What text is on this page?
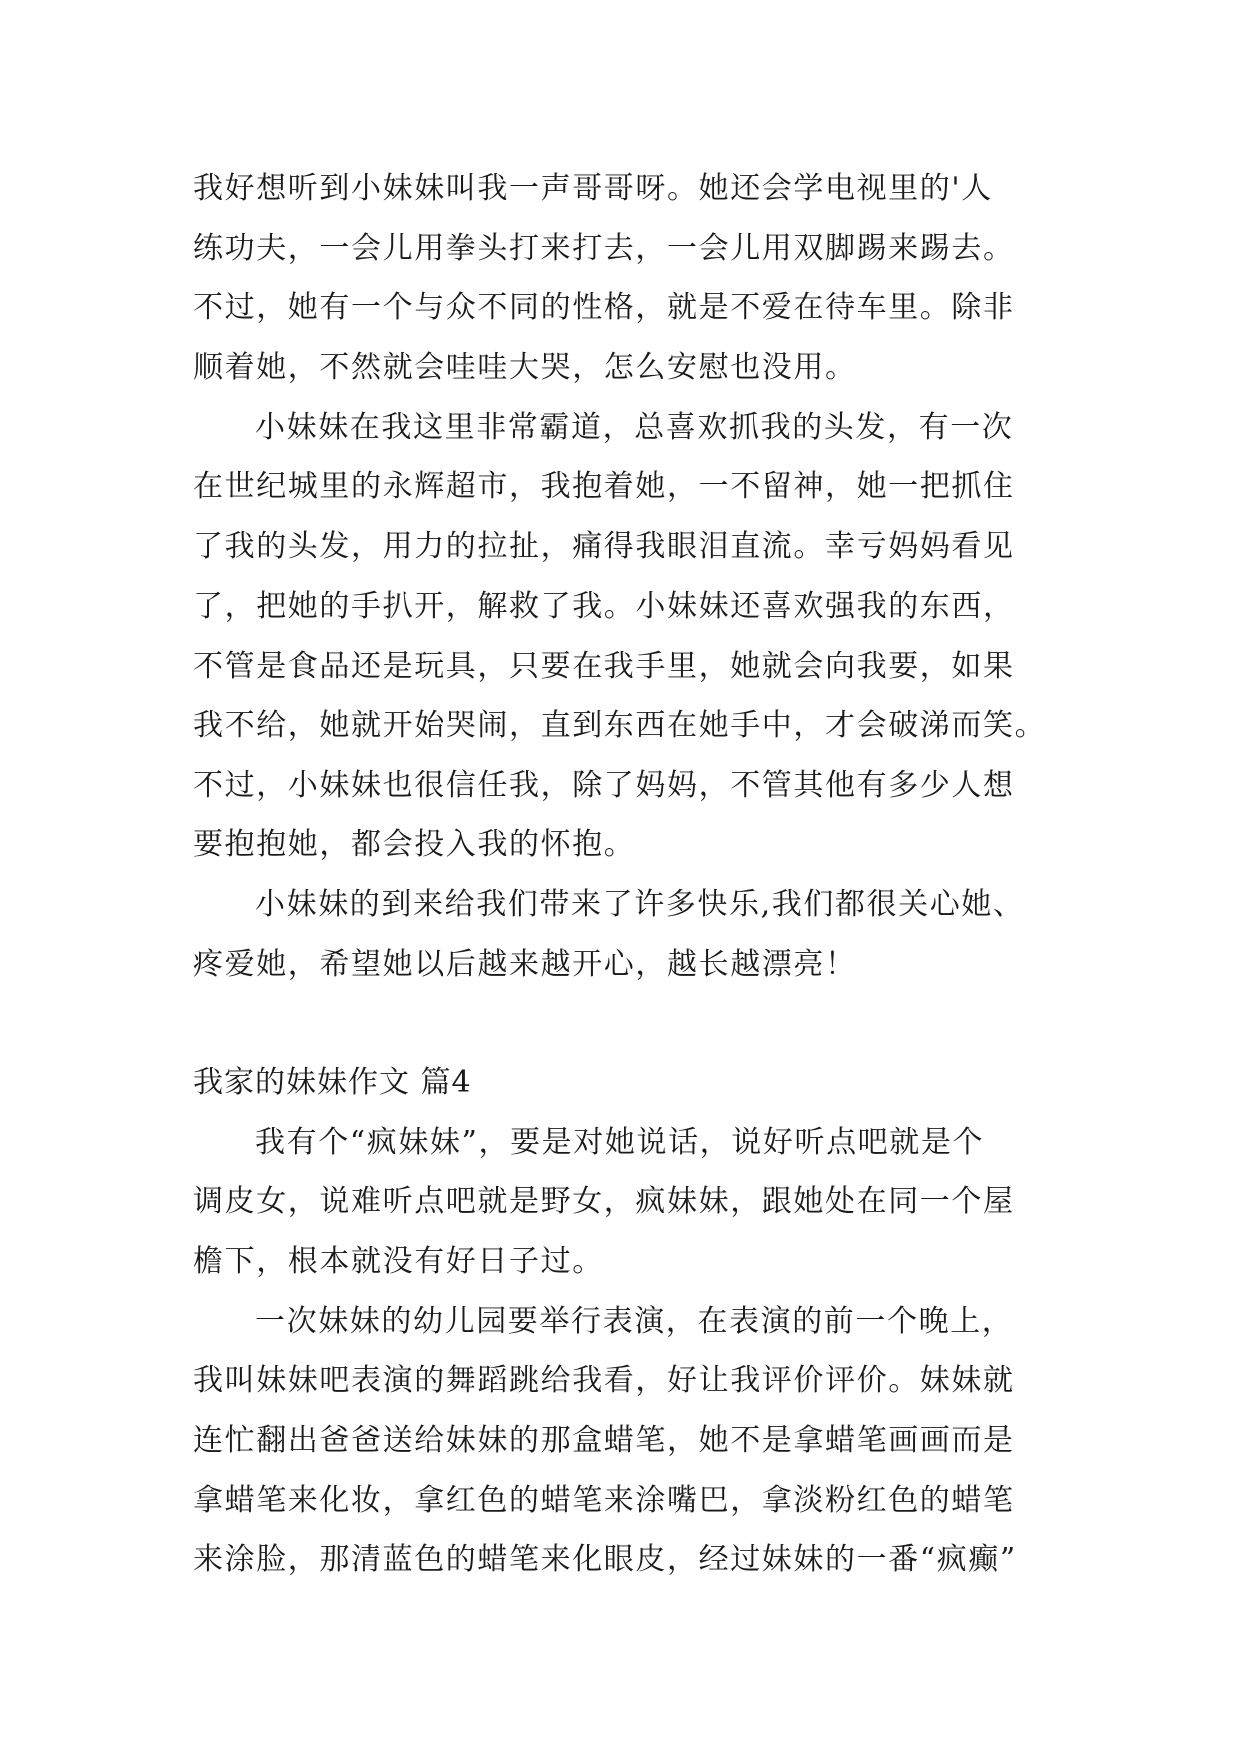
我好想听到小妹妹叫我一声哥哥呀。她还会学电视里的'人
练功夫，一会儿用拳头打来打去，一会儿用双脚踢来踢去。
不过，她有一个与众不同的性格，就是不爱在待车里。除非
顺着她，不然就会哇哇大哭，怎么安慰也没用。
小妹妹在我这里非常霸道，总喜欢抓我的头发，有一次
在世纪城里的永辉超市，我抱着她，一不留神，她一把抓住
了我的头发，用力的拉扯，痛得我眼泪直流。幸亏妈妈看见
了，把她的手扒开，解救了我。小妹妹还喜欢强我的东西，
不管是食品还是玩具，只要在我手里，她就会向我要，如果
我不给，她就开始哭闹，直到东西在她手中，才会破涕而笑。
不过，小妹妹也很信任我，除了妈妈，不管其他有多少人想
要抱抱她，都会投入我的怀抱。
小妹妹的到来给我们带来了许多快乐,我们都很关心她、
疼爱她，希望她以后越来越开心，越长越漂亮！
我家的妹妹作文 篇4
我有个“疯妹妹”，要是对她说话，说好听点吧就是个
调皮女，说难听点吧就是野女，疯妹妹，跟她处在同一个屋
檐下，根本就没有好日子过。
一次妹妹的幼儿园要举行表演，在表演的前一个晚上，
我叫妹妹吧表演的舞蹈跳给我看，好让我评价评价。妹妹就
连忙翻出爸爸送给妹妹的那盒蜡笔，她不是拿蜡笔画画而是
拿蜡笔来化妆，拿红色的蜡笔来涂嘴巴，拿淡粉红色的蜡笔
来涂脸，那清蓝色的蜡笔来化眼皮，经过妹妹的一番“疯癫”
